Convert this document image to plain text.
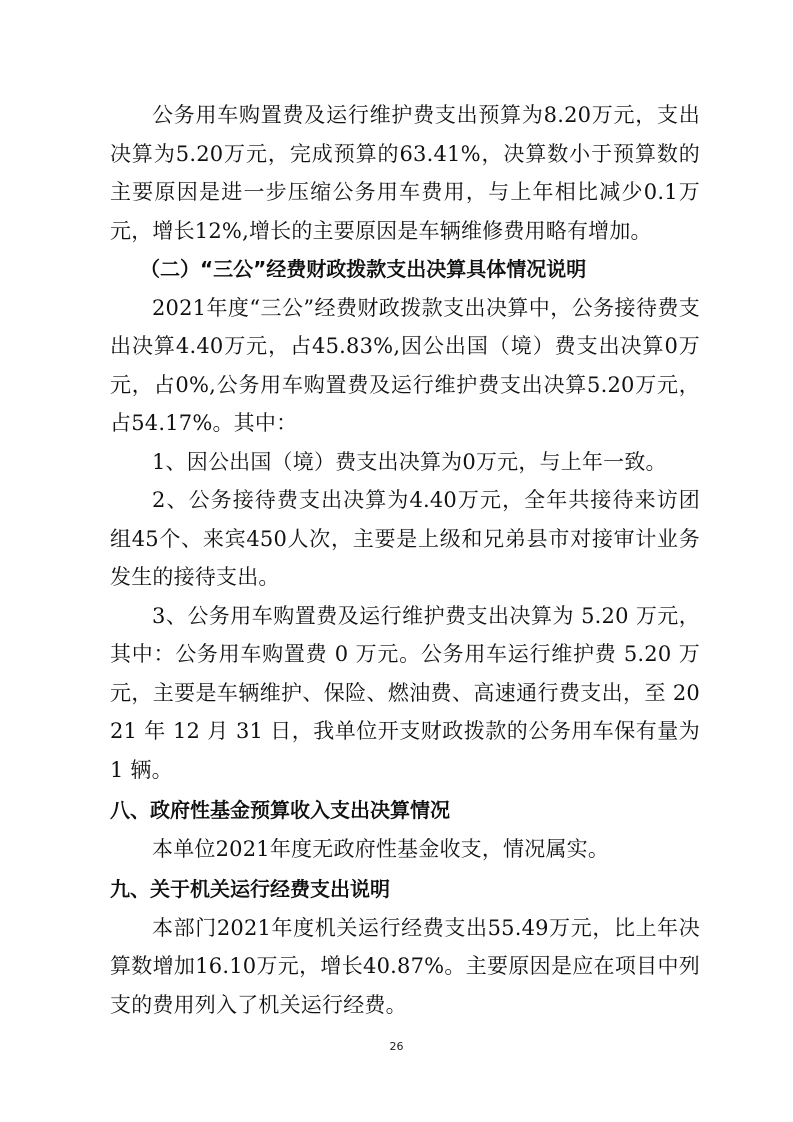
公务用车购置费及运行维护费支出预算为8.20万元，支出决算为5.20万元，完成预算的63.41%，决算数小于预算数的主要原因是进一步压缩公务用车费用，与上年相比减少0.1万元，增长12%,增长的主要原因是车辆维修费用略有增加。

（二）“三公”经费财政拨款支出决算具体情况说明

2021年度“三公”经费财政拨款支出决算中，公务接待费支出决算4.40万元，占45.83%,因公出国（境）费支出决算0万元，占0%,公务用车购置费及运行维护费支出决算5.20万元，占54.17%。其中：

1、因公出国（境）费支出决算为0万元，与上年一致。

2、公务接待费支出决算为4.40万元，全年共接待来访团组45个、来宾450人次，主要是上级和兄弟县市对接审计业务发生的接待支出。

3、公务用车购置费及运行维护费支出决算为 5.20 万元，其中：公务用车购置费 0 万元。公务用车运行维护费 5.20 万元，主要是车辆维护、保险、燃油费、高速通行费支出，至 2021 年 12 月 31 日，我单位开支财政拨款的公务用车保有量为 1 辆。

八、政府性基金预算收入支出决算情况

本单位2021年度无政府性基金收支，情况属实。

九、关于机关运行经费支出说明

本部门2021年度机关运行经费支出55.49万元，比上年决算数增加16.10万元，增长40.87%。主要原因是应在项目中列支的费用列入了机关运行经费。

26
